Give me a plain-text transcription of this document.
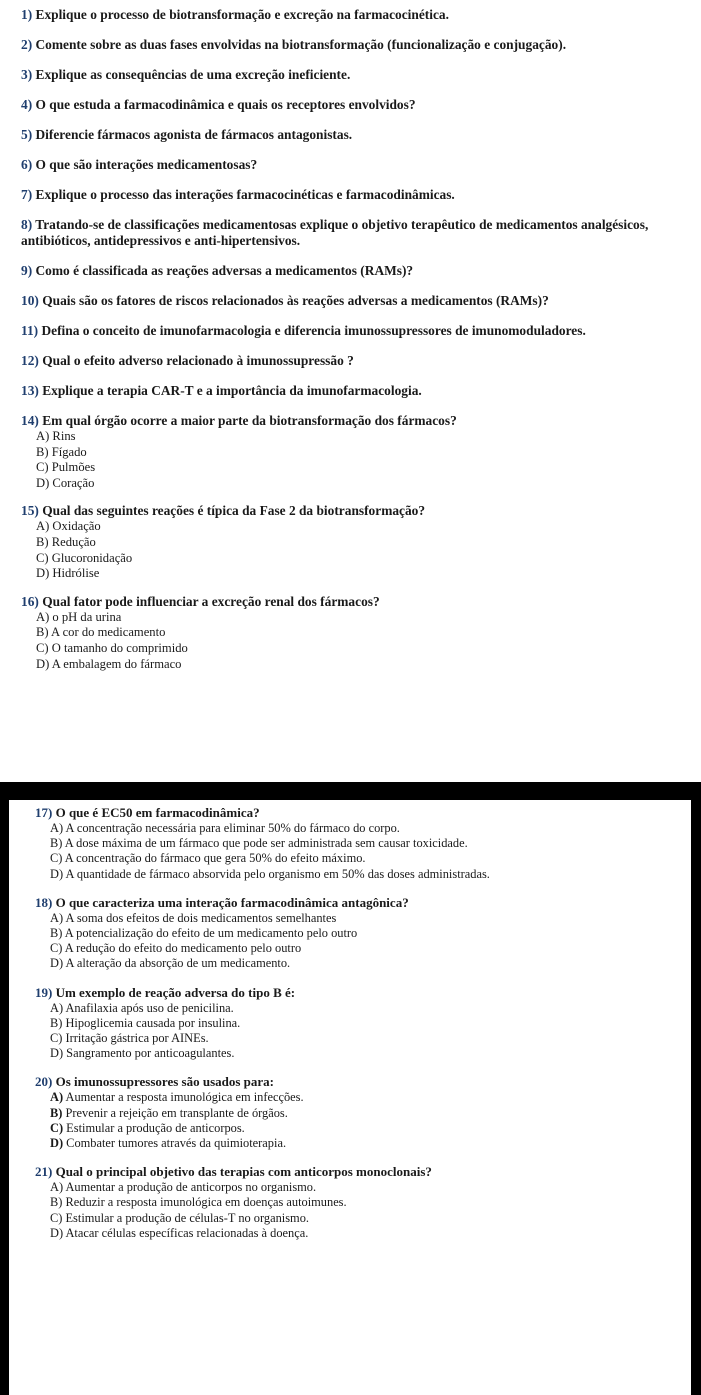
1) Explique o processo de biotransformação e excreção na farmacocinética.
2) Comente sobre as duas fases envolvidas na biotransformação (funcionalização e conjugação).
3) Explique as consequências de uma excreção ineficiente.
4) O que estuda a farmacodinâmica e quais os receptores envolvidos?
5) Diferencie fármacos agonista de fármacos antagonistas.
6) O que são interações medicamentosas?
7) Explique o processo das interações farmacocinéticas e farmacodinâmicas.
8) Tratando-se de classificações medicamentosas explique o objetivo terapêutico de medicamentos analgésicos, antibióticos, antidepressivos e anti-hipertensivos.
9) Como é classificada as reações adversas a medicamentos (RAMs)?
10) Quais são os fatores de riscos relacionados às reações adversas a medicamentos (RAMs)?
11) Defina o conceito de imunofarmacologia e diferencia imunossupressores de imunomoduladores.
12) Qual o efeito adverso relacionado à imunossupressão ?
13) Explique a terapia CAR-T e a importância da imunofarmacologia.
14) Em qual órgão ocorre a maior parte da biotransformação dos fármacos?
A) Rins
B) Fígado
C) Pulmões
D) Coração
15) Qual das seguintes reações é típica da Fase 2 da biotransformação?
A) Oxidação
B) Redução
C) Glucoronidação
D) Hidrólise
16) Qual fator pode influenciar a excreção renal dos fármacos?
A) o pH da urina
B) A cor do medicamento
C) O tamanho do comprimido
D) A embalagem do fármaco
17) O que é EC50 em farmacodinâmica?
A) A concentração necessária para eliminar 50% do fármaco do corpo.
B) A dose máxima de um fármaco que pode ser administrada sem causar toxicidade.
C) A concentração do fármaco que gera 50% do efeito máximo.
D) A quantidade de fármaco absorvida pelo organismo em 50% das doses administradas.
18) O que caracteriza uma interação farmacodinâmica antagônica?
A) A soma dos efeitos de dois medicamentos semelhantes
B) A potencialização do efeito de um medicamento pelo outro
C) A redução do efeito do medicamento pelo outro
D) A alteração da absorção de um medicamento.
19) Um exemplo de reação adversa do tipo B é:
A) Anafilaxia após uso de penicilina.
B) Hipoglicemia causada por insulina.
C) Irritação gástrica por AINEs.
D) Sangramento por anticoagulantes.
20) Os imunossupressores são usados para:
A) Aumentar a resposta imunológica em infecções.
B) Prevenir a rejeição em transplante de órgãos.
C) Estimular a produção de anticorpos.
D) Combater tumores através da quimioterapia.
21) Qual o principal objetivo das terapias com anticorpos monoclonais?
A) Aumentar a produção de anticorpos no organismo.
B) Reduzir a resposta imunológica em doenças autoimunes.
C) Estimular a produção de células-T no organismo.
D) Atacar células específicas relacionadas à doença.
